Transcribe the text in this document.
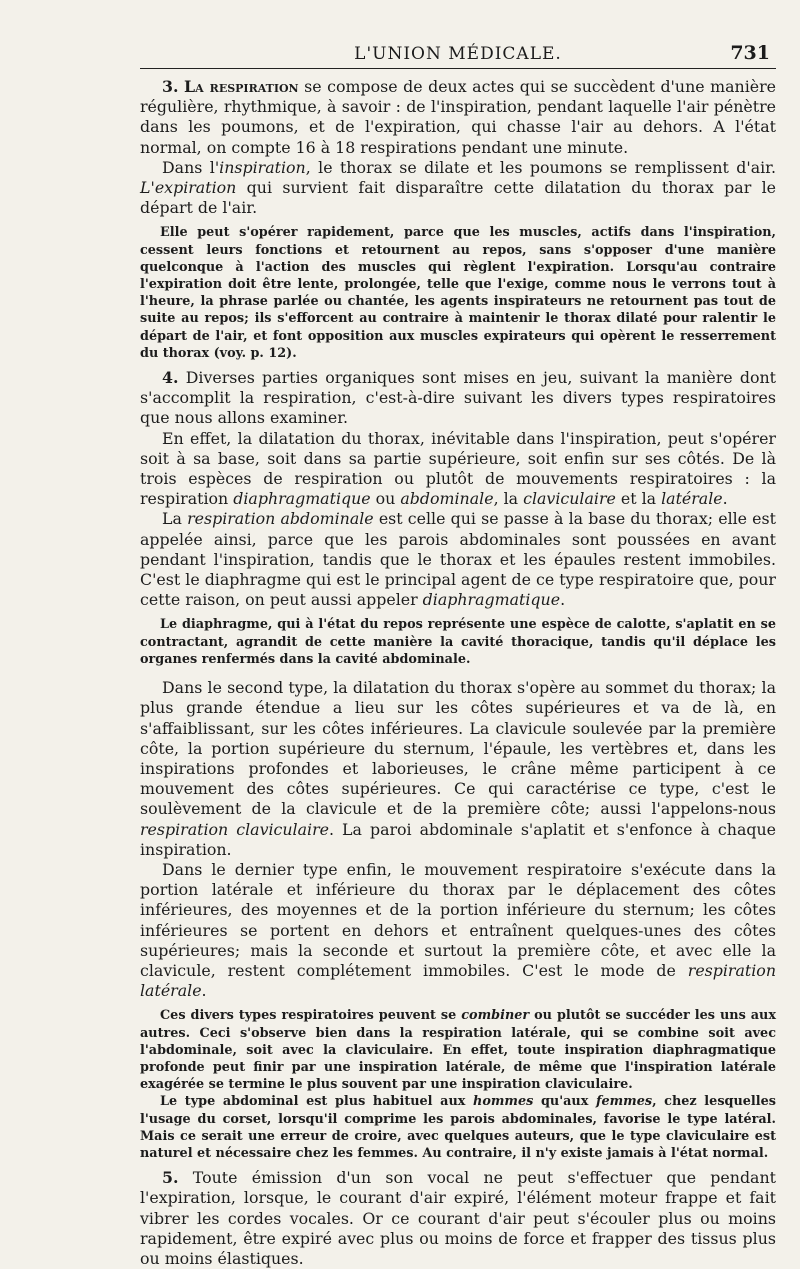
L'UNION MÉDICALE.	731

3. La respiration se compose de deux actes qui se succèdent d'une manière régulière, rhythmique, à savoir : de l'inspiration, pendant laquelle l'air pénètre dans les poumons, et de l'expiration, qui chasse l'air au dehors. A l'état normal, on compte 16 à 18 respirations pendant une minute.

Dans l'inspiration, le thorax se dilate et les poumons se remplissent d'air. L'expiration qui survient fait disparaître cette dilatation du thorax par le départ de l'air.

Elle peut s'opérer rapidement, parce que les muscles, actifs dans l'inspiration, cessent leurs fonctions et retournent au repos, sans s'opposer d'une manière quelconque à l'action des muscles qui règlent l'expiration. Lorsqu'au contraire l'expiration doit être lente, prolongée, telle que l'exige, comme nous le verrons tout à l'heure, la phrase parlée ou chantée, les agents inspirateurs ne retournent pas tout de suite au repos; ils s'efforcent au contraire à maintenir le thorax dilaté pour ralentir le départ de l'air, et font opposition aux muscles expirateurs qui opèrent le resserrement du thorax (voy. p. 12).

4. Diverses parties organiques sont mises en jeu, suivant la manière dont s'accomplit la respiration, c'est-à-dire suivant les divers types respiratoires que nous allons examiner.

En effet, la dilatation du thorax, inévitable dans l'inspiration, peut s'opérer soit à sa base, soit dans sa partie supérieure, soit enfin sur ses côtés. De là trois espèces de respiration ou plutôt de mouvements respiratoires : la respiration diaphragmatique ou abdominale, la claviculaire et la latérale.

La respiration abdominale est celle qui se passe à la base du thorax; elle est appelée ainsi, parce que les parois abdominales sont poussées en avant pendant l'inspiration, tandis que le thorax et les épaules restent immobiles. C'est le diaphragme qui est le principal agent de ce type respiratoire que, pour cette raison, on peut aussi appeler diaphragmatique.

Le diaphragme, qui à l'état du repos représente une espèce de calotte, s'aplatit en se contractant, agrandit de cette manière la cavité thoracique, tandis qu'il déplace les organes renfermés dans la cavité abdominale.

Dans le second type, la dilatation du thorax s'opère au sommet du thorax; la plus grande étendue a lieu sur les côtes supérieures et va de là, en s'affaiblissant, sur les côtes inférieures. La clavicule soulevée par la première côte, la portion supérieure du sternum, l'épaule, les vertèbres et, dans les inspirations profondes et laborieuses, le crâne même participent à ce mouvement des côtes supérieures. Ce qui caractérise ce type, c'est le soulèvement de la clavicule et de la première côte; aussi l'appelons-nous respiration claviculaire. La paroi abdominale s'aplatit et s'enfonce à chaque inspiration.

Dans le dernier type enfin, le mouvement respiratoire s'exécute dans la portion latérale et inférieure du thorax par le déplacement des côtes inférieures, des moyennes et de la portion inférieure du sternum; les côtes inférieures se portent en dehors et entraînent quelques-unes des côtes supérieures; mais la seconde et surtout la première côte, et avec elle la clavicule, restent complétement immobiles. C'est le mode de respiration latérale.

Ces divers types respiratoires peuvent se combiner ou plutôt se succéder les uns aux autres. Ceci s'observe bien dans la respiration latérale, qui se combine soit avec l'abdominale, soit avec la claviculaire. En effet, toute inspiration diaphragmatique profonde peut finir par une inspiration latérale, de même que l'inspiration latérale exagérée se termine le plus souvent par une inspiration claviculaire.

Le type abdominal est plus habituel aux hommes qu'aux femmes, chez lesquelles l'usage du corset, lorsqu'il comprime les parois abdominales, favorise le type latéral. Mais ce serait une erreur de croire, avec quelques auteurs, que le type claviculaire est naturel et nécessaire chez les femmes. Au contraire, il n'y existe jamais à l'état normal.

5. Toute émission d'un son vocal ne peut s'effectuer que pendant l'expiration, lorsque, le courant d'air expiré, l'élément moteur frappe et fait vibrer les cordes vocales. Or ce courant d'air peut s'écouler plus ou moins rapidement, être expiré avec plus ou moins de force et frapper des tissus plus ou moins élastiques.
